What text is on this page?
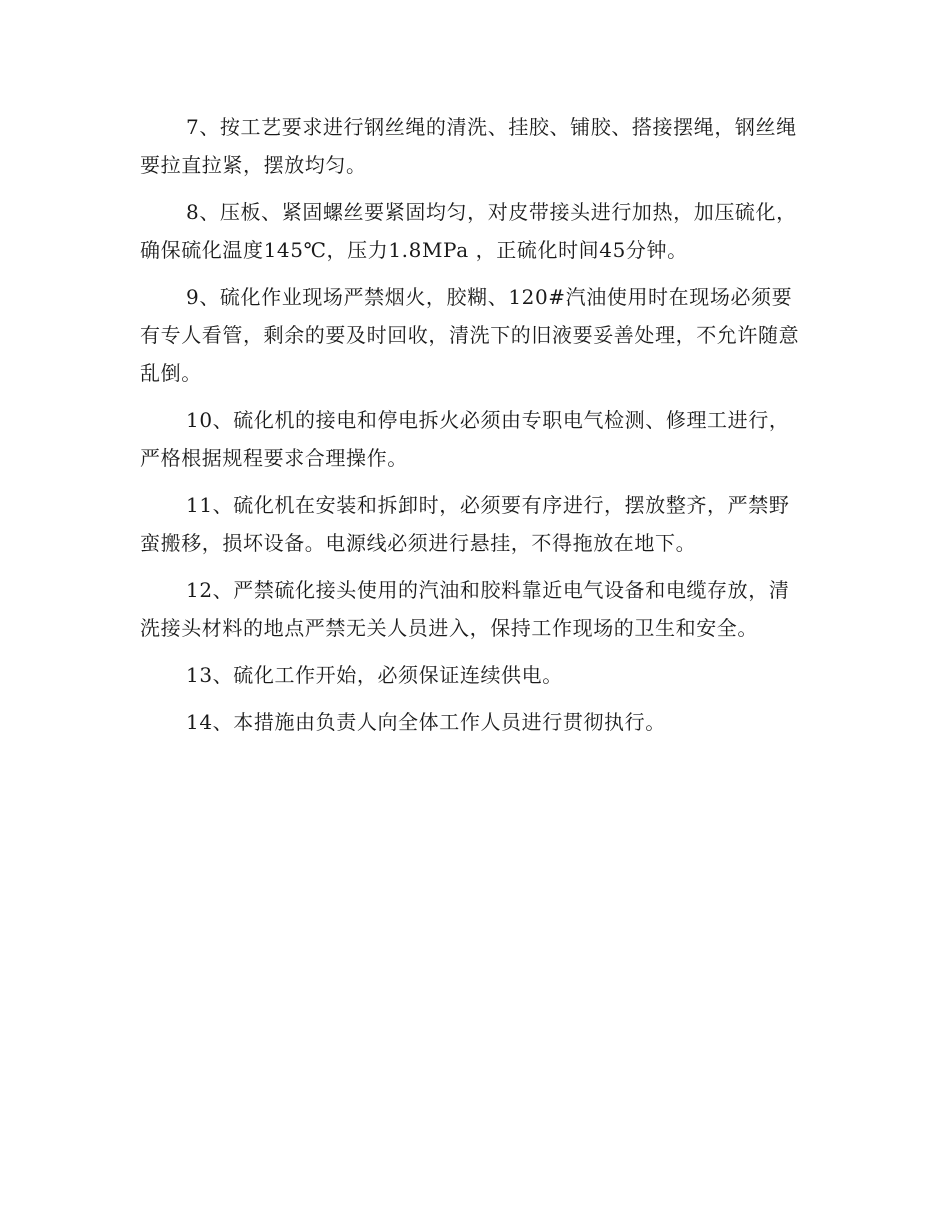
7、按工艺要求进行钢丝绳的清洗、挂胶、铺胶、搭接摆绳，钢丝绳要拉直拉紧，摆放均匀。

8、压板、紧固螺丝要紧固均匀，对皮带接头进行加热，加压硫化，确保硫化温度145℃，压力1.8MPa ，正硫化时间45分钟。

9、硫化作业现场严禁烟火，胶糊、120#汽油使用时在现场必须要有专人看管，剩余的要及时回收，清洗下的旧液要妥善处理，不允许随意乱倒。

10、硫化机的接电和停电拆火必须由专职电气检测、修理工进行，严格根据规程要求合理操作。

11、硫化机在安装和拆卸时，必须要有序进行，摆放整齐，严禁野蛮搬移，损坏设备。电源线必须进行悬挂，不得拖放在地下。

12、严禁硫化接头使用的汽油和胶料靠近电气设备和电缆存放，清洗接头材料的地点严禁无关人员进入，保持工作现场的卫生和安全。

13、硫化工作开始，必须保证连续供电。

14、本措施由负责人向全体工作人员进行贯彻执行。
